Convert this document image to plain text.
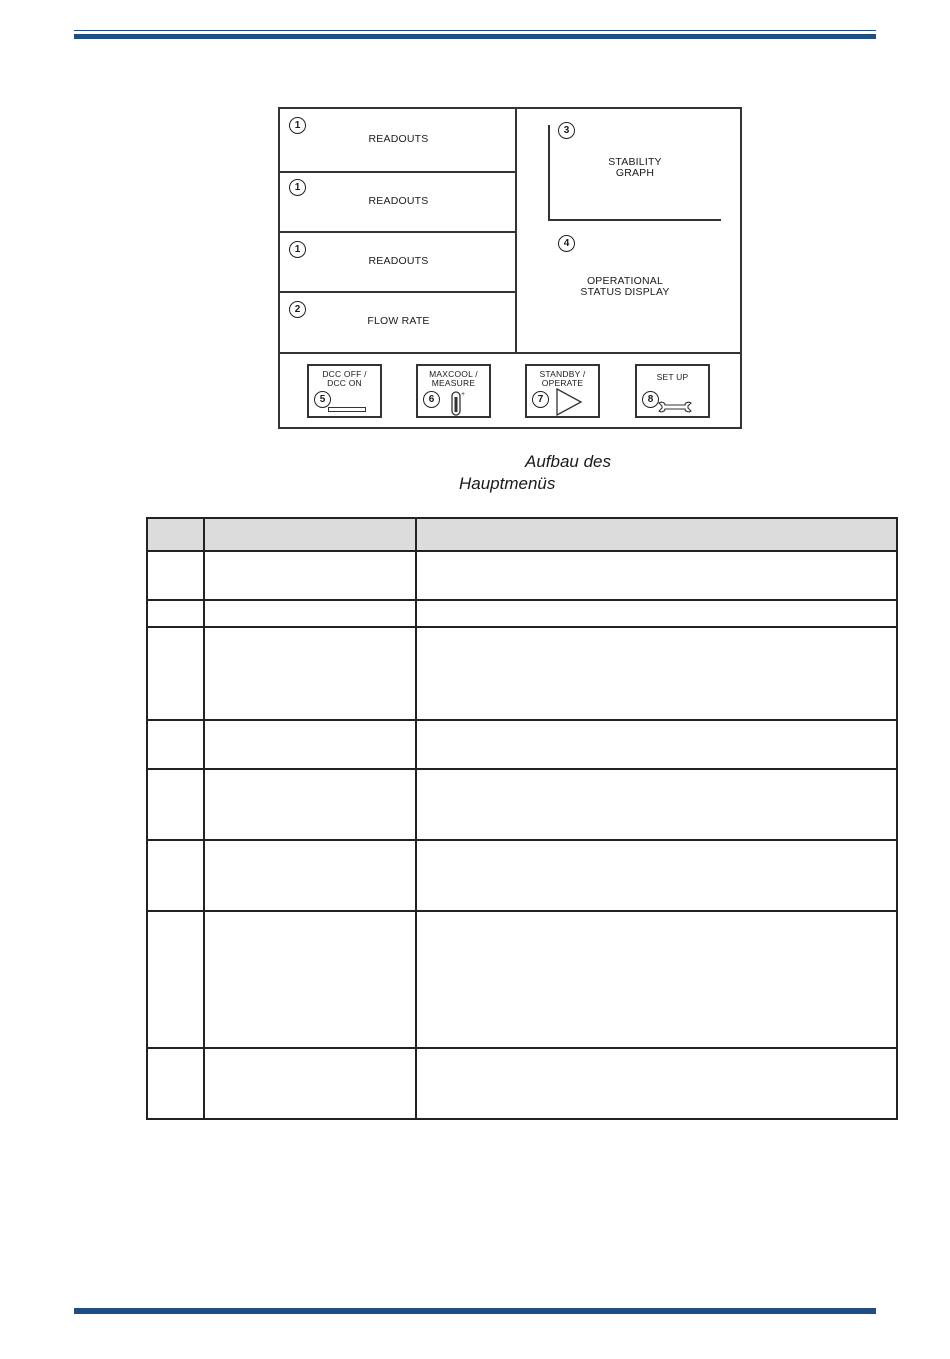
1
READOUTS
1
READOUTS
1
READOUTS
2
FLOW RATE
3
STABILITY
GRAPH
4
OPERATIONAL
STATUS DISPLAY
DCC OFF /
DCC ON
5
MAXCOOL /
MEASURE
6	+
STANDBY /
OPERATE
7
SET UP
8
Aufbau des
Hauptmenüs
